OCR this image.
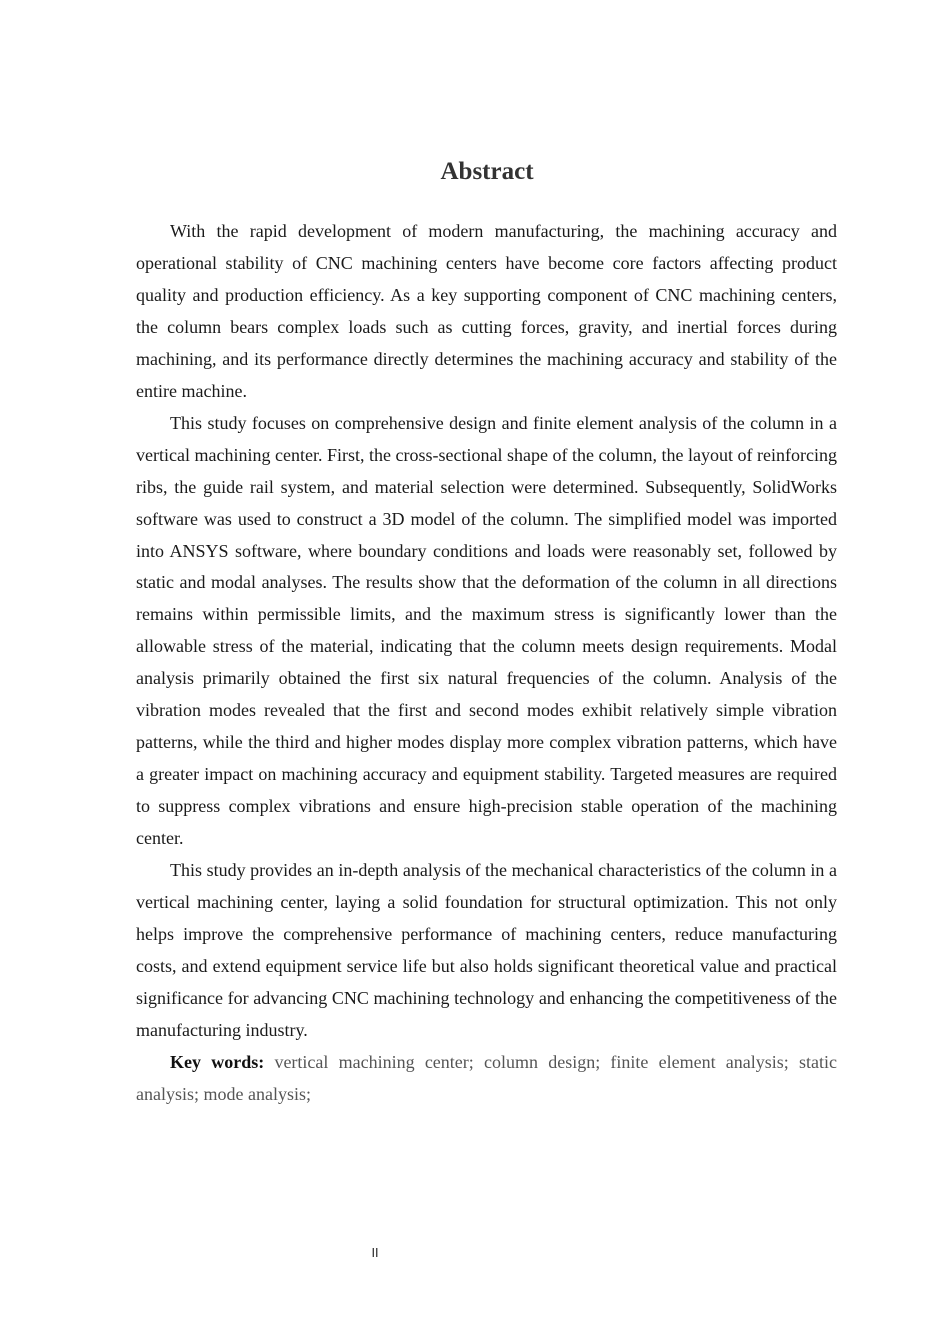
Abstract

With the rapid development of modern manufacturing, the machining accuracy and operational stability of CNC machining centers have become core factors affecting product quality and production efficiency. As a key supporting component of CNC machining centers, the column bears complex loads such as cutting forces, gravity, and inertial forces during machining, and its performance directly determines the machining accuracy and stability of the entire machine.

This study focuses on comprehensive design and finite element analysis of the column in a vertical machining center. First, the cross-sectional shape of the column, the layout of reinforcing ribs, the guide rail system, and material selection were determined. Subsequently, SolidWorks software was used to construct a 3D model of the column. The simplified model was imported into ANSYS software, where boundary conditions and loads were reasonably set, followed by static and modal analyses. The results show that the deformation of the column in all directions remains within permissible limits, and the maximum stress is significantly lower than the allowable stress of the material, indicating that the column meets design requirements. Modal analysis primarily obtained the first six natural frequencies of the column. Analysis of the vibration modes revealed that the first and second modes exhibit relatively simple vibration patterns, while the third and higher modes display more complex vibration patterns, which have a greater impact on machining accuracy and equipment stability. Targeted measures are required to suppress complex vibrations and ensure high-precision stable operation of the machining center.

This study provides an in-depth analysis of the mechanical characteristics of the column in a vertical machining center, laying a solid foundation for structural optimization. This not only helps improve the comprehensive performance of machining centers, reduce manufacturing costs, and extend equipment service life but also holds significant theoretical value and practical significance for advancing CNC machining technology and enhancing the competitiveness of the manufacturing industry.

Key words: vertical machining center; column design; finite element analysis; static analysis; mode analysis;

II
